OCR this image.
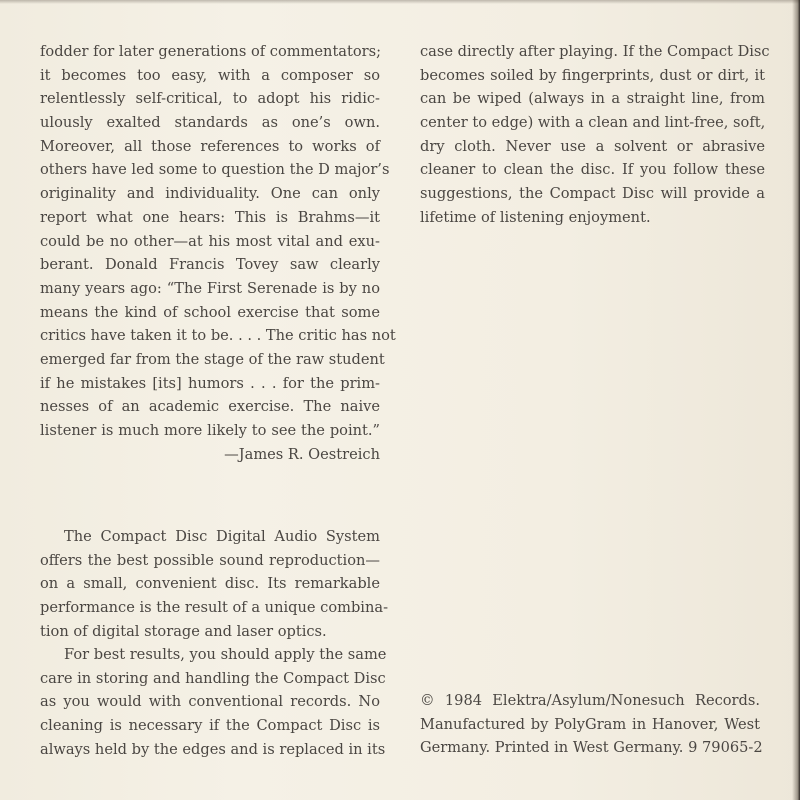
fodder for later generations of commentators;
it becomes too easy, with a composer so
relentlessly self-critical, to adopt his ridic-
ulously exalted standards as one’s own.
Moreover, all those references to works of
others have led some to question the D major’s
originality and individuality. One can only
report what one hears: This is Brahms—it
could be no other—at his most vital and exu-
berant. Donald Francis Tovey saw clearly
many years ago: “The First Serenade is by no
means the kind of school exercise that some
critics have taken it to be. . . . The critic has not
emerged far from the stage of the raw student
if he mistakes [its] humors . . . for the prim-
nesses of an academic exercise. The naive
listener is much more likely to see the point.”
—James R. Oestreich
The Compact Disc Digital Audio System
offers the best possible sound reproduction—
on a small, convenient disc. Its remarkable
performance is the result of a unique combina-
tion of digital storage and laser optics.
For best results, you should apply the same
care in storing and handling the Compact Disc
as you would with conventional records. No
cleaning is necessary if the Compact Disc is
always held by the edges and is replaced in its
case directly after playing. If the Compact Disc
becomes soiled by fingerprints, dust or dirt, it
can be wiped (always in a straight line, from
center to edge) with a clean and lint-free, soft,
dry cloth. Never use a solvent or abrasive
cleaner to clean the disc. If you follow these
suggestions, the Compact Disc will provide a
lifetime of listening enjoyment.
© 1984 Elektra/Asylum/Nonesuch Records.
Manufactured by PolyGram in Hanover, West
Germany. Printed in West Germany. 9 79065-2
